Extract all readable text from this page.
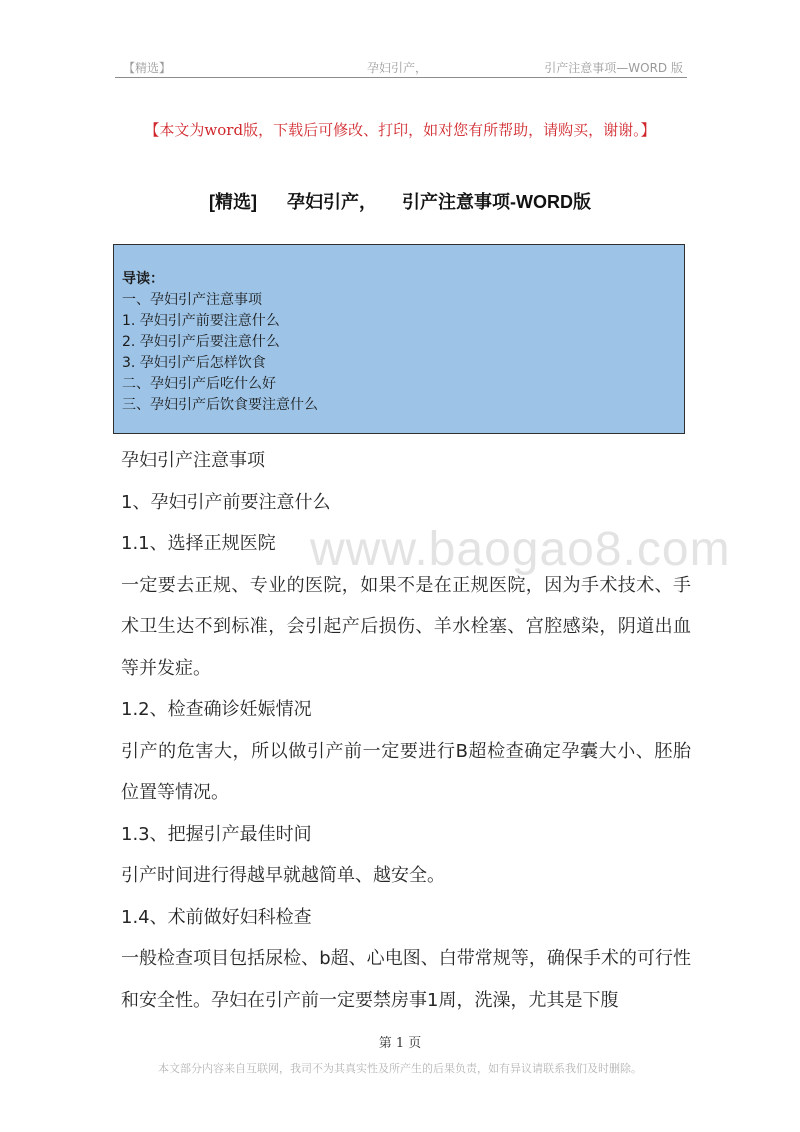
【精选】	孕妇引产，	引产注意事项—WORD 版
【本文为word版，下载后可修改、打印，如对您有所帮助，请购买，谢谢。】
[精选]      孕妇引产，     引产注意事项-WORD版
导读：
一、孕妇引产注意事项
1. 孕妇引产前要注意什么
2. 孕妇引产后要注意什么
3. 孕妇引产后怎样饮食
二、孕妇引产后吃什么好
三、孕妇引产后饮食要注意什么
www.baogao8.com
孕妇引产注意事项
1、孕妇引产前要注意什么
1.1、选择正规医院
一定要去正规、专业的医院，如果不是在正规医院，因为手术技术、手术卫生达不到标准，会引起产后损伤、羊水栓塞、宫腔感染，阴道出血等并发症。
1.2、检查确诊妊娠情况
引产的危害大，所以做引产前一定要进行B超检查确定孕囊大小、胚胎位置等情况。
1.3、把握引产最佳时间
引产时间进行得越早就越简单、越安全。
1.4、术前做好妇科检查
一般检查项目包括尿检、b超、心电图、白带常规等，确保手术的可行性和安全性。孕妇在引产前一定要禁房事1周，洗澡，尤其是下腹
第 1 页
本文部分内容来自互联网，我司不为其真实性及所产生的后果负责，如有异议请联系我们及时删除。
